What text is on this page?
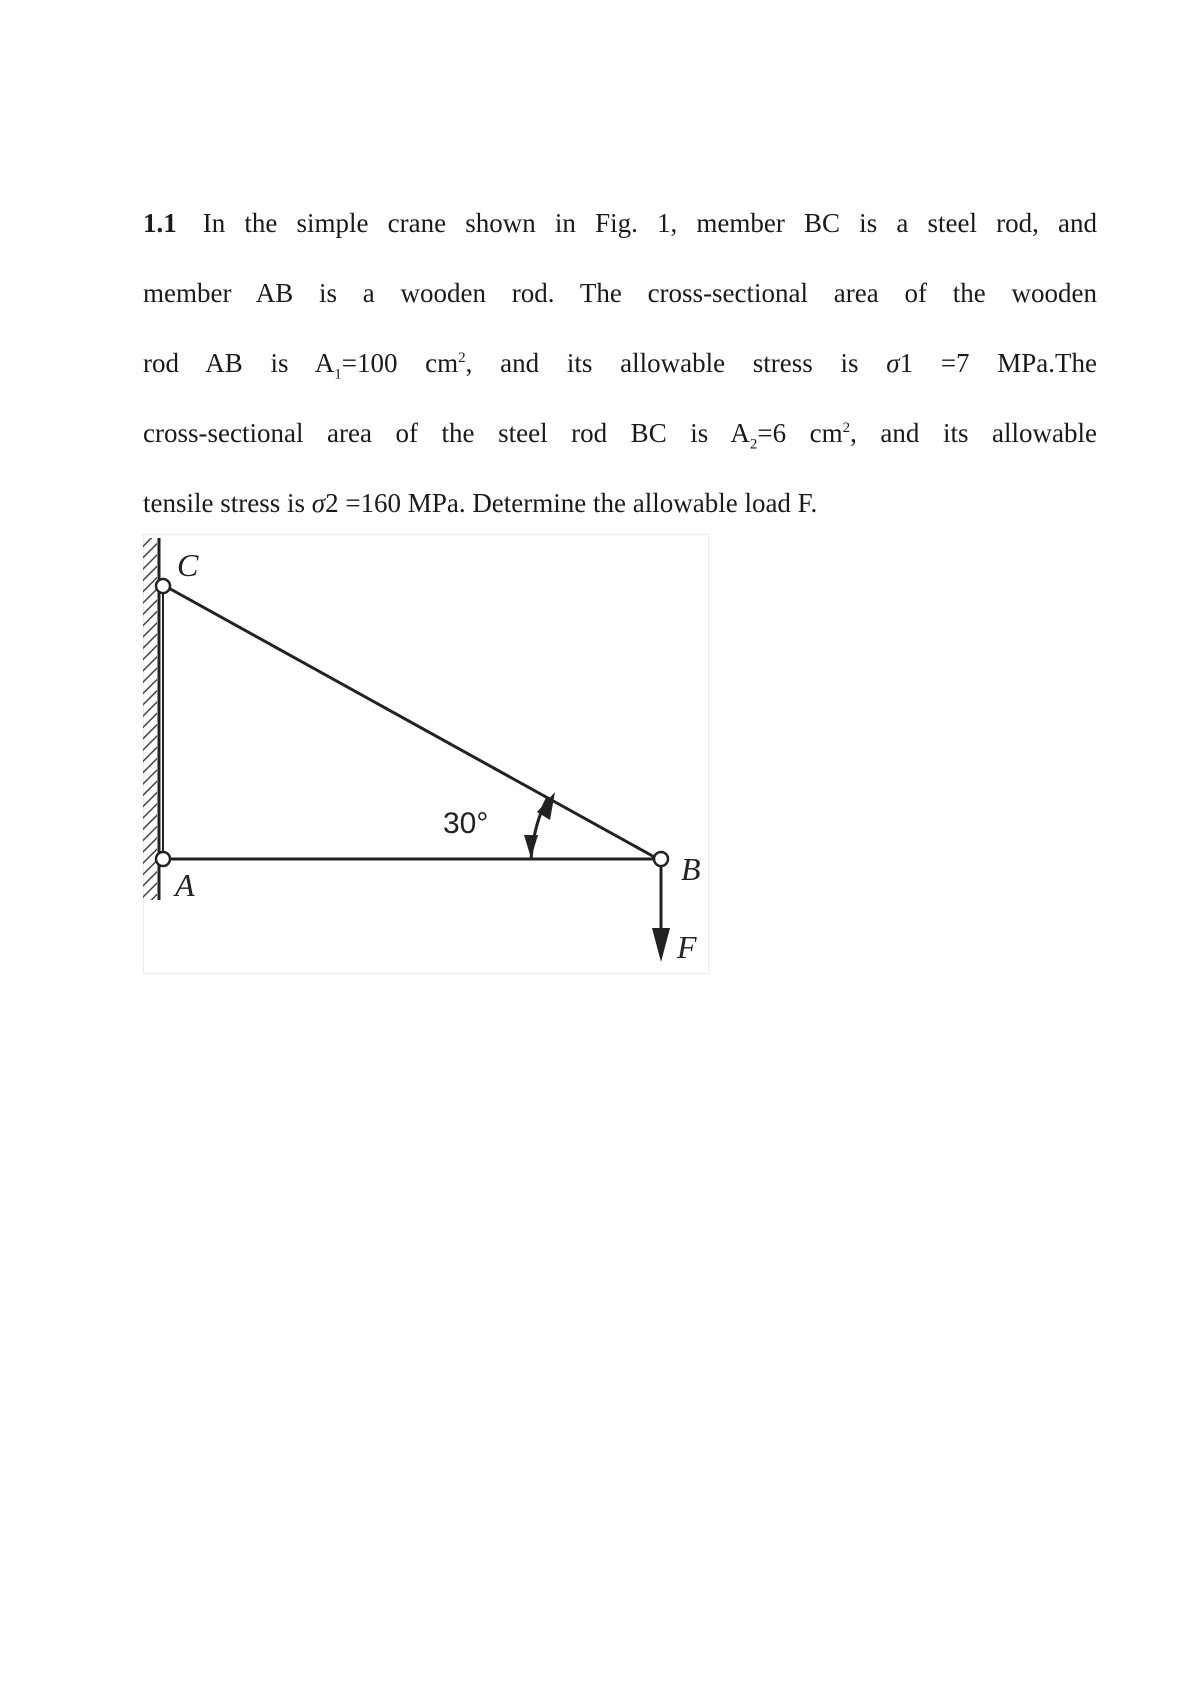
1.1 In the simple crane shown in Fig. 1, member BC is a steel rod, and
member AB is a wooden rod. The cross-sectional area of the wooden
rod AB is $A_1=100$ $cm^2$, and its allowable stress is σ1 =7 MPa.The
cross-sectional area of the steel rod BC is $A_2=6$ $cm^2$, and its allowable
tensile stress is σ2 =160 MPa. Determine the allowable load F.
C
A	B
F
30°
